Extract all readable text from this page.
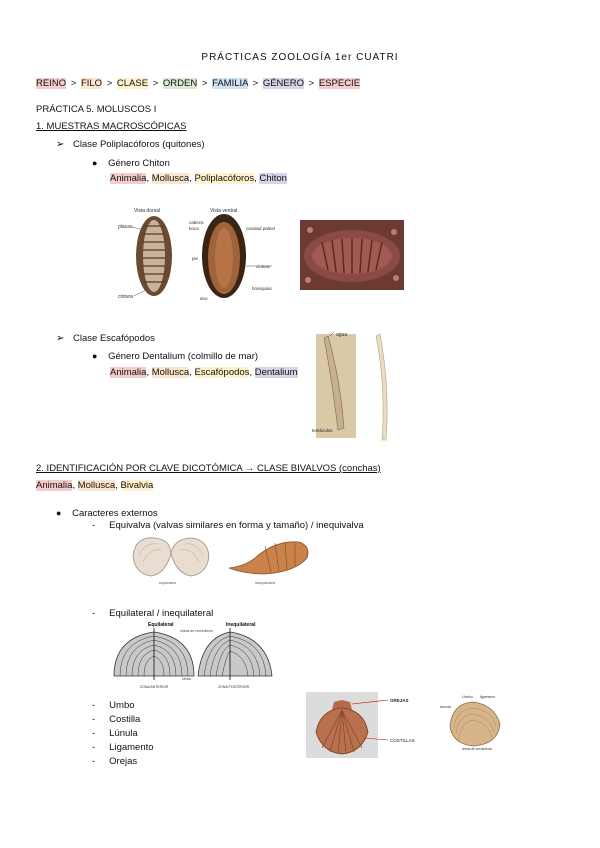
PRÁCTICAS ZOOLOGÍA 1er CUATRI
REINO > FILO > CLASE > ORDEN > FAMILIA > GÉNERO > ESPECIE
PRÁCTICA 5. MOLUSCOS I
1. MUESTRAS MACROSCÓPICAS
➢ Clase Poliplacóforos (quitones)
● Género Chiton
Animalia, Mollusca, Poliplacóforos, Chiton
Vista dorsal	Vista ventral
placas
cintura
cabeza
boca	cavidad paleal
pie
cintura
branquias
ano
➢ Clase Escafópodos
● Género Dentalium (colmillo de mar)
Animalia, Mollusca, Escafópodos, Dentalium
agua
tentáculos
2. IDENTIFICACIÓN POR CLAVE DICOTÓMICA → CLASE BIVALVOS (conchas)
Animalia, Mollusca, Bivalvia
● Caracteres externos
- Equivalva (valvas similares en forma y tamaño) / inequivalva
equivalva	inequivalva
- Equilateral / inequilateral
Equilateral	Inequilateral
líneas de crecimiento
Umbo
ZONA ANTERIOR	ZONA POSTERIOR
- Umbo
- Costilla
- Lúnula
- Ligamento
- Orejas
OREJAS
COSTILLAS
Umbo ligamento
lúnula
líneas de crecimiento
